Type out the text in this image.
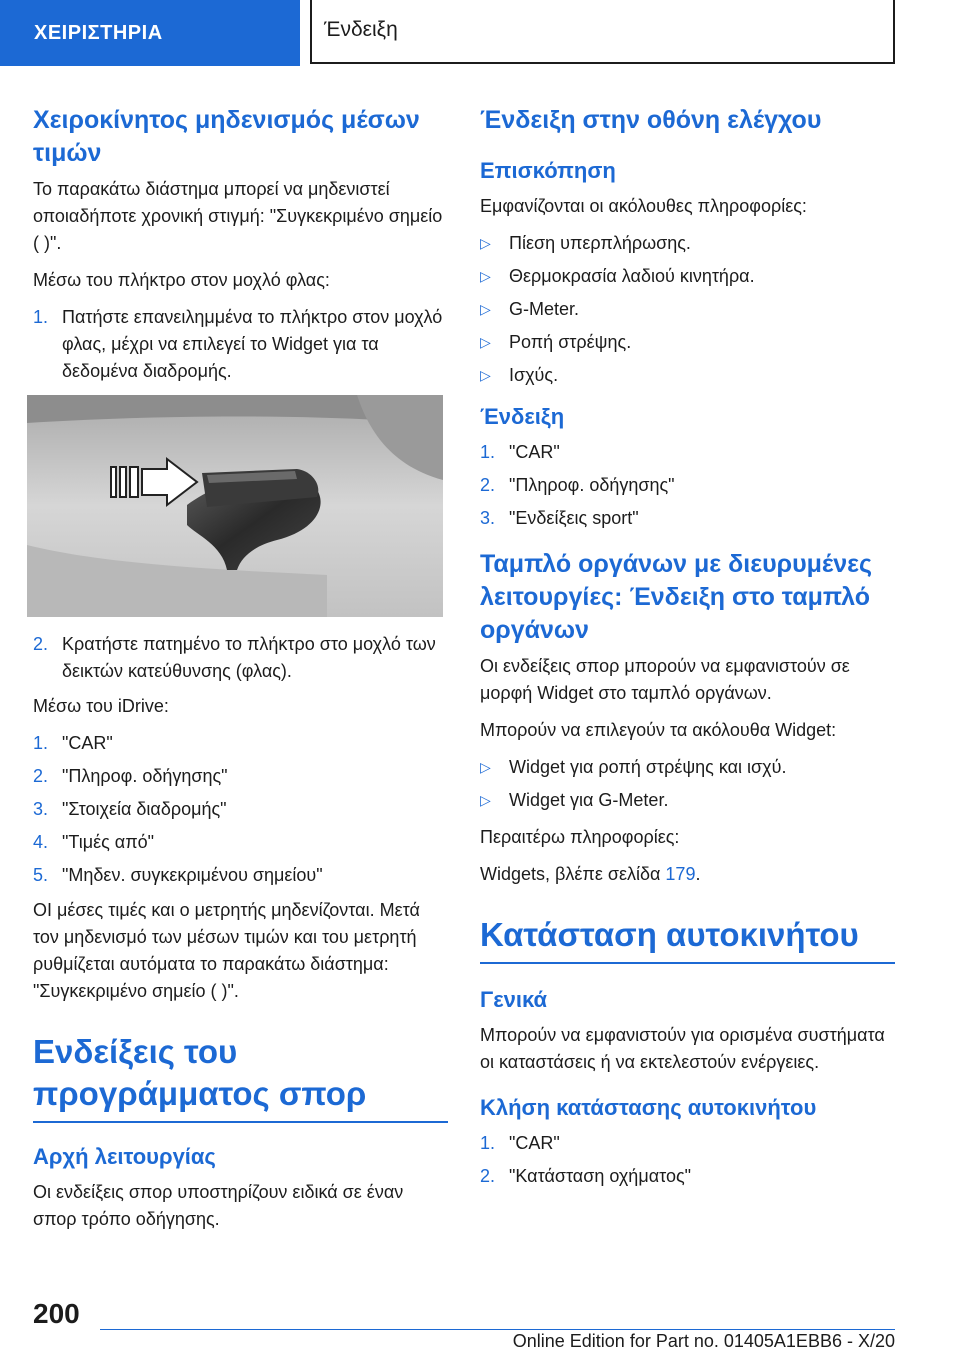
ΧΕΙΡΙΣΤΗΡΙΑ	Ένδειξη
Χειροκίνητος μηδενισμός μέσων τιμών
Το παρακάτω διάστημα μπορεί να μηδενιστεί οποιαδήποτε χρονική στιγμή: "Συγκεκριμένο σημείο ( )".
Μέσω του πλήκτρο στον μοχλό φλας:
1. Πατήστε επανειλημμένα το πλήκτρο στον μοχλό φλας, μέχρι να επιλεγεί το Widget για τα δεδομένα διαδρομής.
2. Κρατήστε πατημένο το πλήκτρο στο μοχλό των δεικτών κατεύθυνσης (φλας).
Μέσω του iDrive:
1. "CAR"
2. "Πληροφ. οδήγησης"
3. "Στοιχεία διαδρομής"
4. "Τιμές από"
5. "Μηδεν. συγκεκριμένου σημείου"
ΟΙ μέσες τιμές και ο μετρητής μηδενίζονται. Μετά τον μηδενισμό των μέσων τιμών και του μετρητή ρυθμίζεται αυτόματα το παρακάτω διάστημα: "Συγκεκριμένο σημείο ( )".
Ενδείξεις του προγράμματος σπορ
Αρχή λειτουργίας
Οι ενδείξεις σπορ υποστηρίζουν ειδικά σε έναν σπορ τρόπο οδήγησης.
Ένδειξη στην οθόνη ελέγχου
Επισκόπηση
Εμφανίζονται οι ακόλουθες πληροφορίες:
▷ Πίεση υπερπλήρωσης.
▷ Θερμοκρασία λαδιού κινητήρα.
▷ G-Meter.
▷ Ροπή στρέψης.
▷ Ισχύς.
Ένδειξη
1. "CAR"
2. "Πληροφ. οδήγησης"
3. "Ενδείξεις sport"
Ταμπλό οργάνων με διευρυμένες λειτουργίες: Ένδειξη στο ταμπλό οργάνων
Οι ενδείξεις σπορ μπορούν να εμφανιστούν σε μορφή Widget στο ταμπλό οργάνων.
Μπορούν να επιλεγούν τα ακόλουθα Widget:
▷ Widget για ροπή στρέψης και ισχύ.
▷ Widget για G-Meter.
Περαιτέρω πληροφορίες:
Widgets, βλέπε σελίδα 179.
Κατάσταση αυτοκινήτου
Γενικά
Μπορούν να εμφανιστούν για ορισμένα συστήματα οι καταστάσεις ή να εκτελεστούν ενέργειες.
Κλήση κατάστασης αυτοκινήτου
1. "CAR"
2. "Κατάσταση οχήματος"
200
Online Edition for Part no. 01405A1EBB6 - X/20
